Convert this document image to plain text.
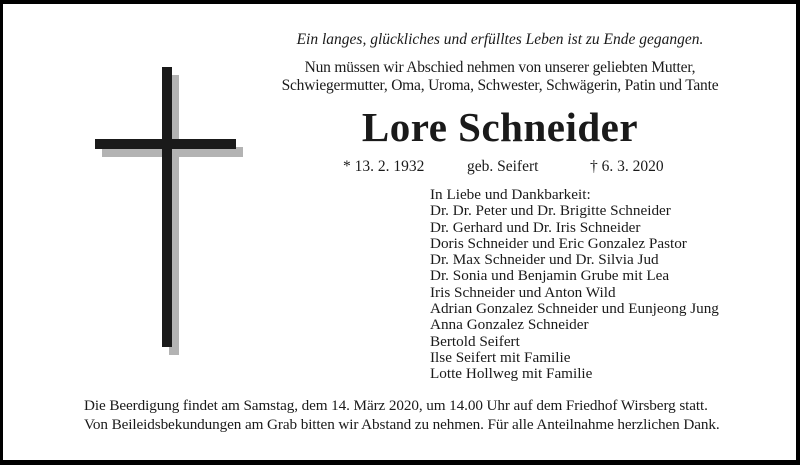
Ein langes, glückliches und erfülltes Leben ist zu Ende gegangen.
Nun müssen wir Abschied nehmen von unserer geliebten Mutter,
Schwiegermutter, Oma, Uroma, Schwester, Schwägerin, Patin und Tante
Lore Schneider
* 13. 2. 1932	geb. Seifert	† 6. 3. 2020
In Liebe und Dankbarkeit:
Dr. Dr. Peter und Dr. Brigitte Schneider
Dr. Gerhard und Dr. Iris Schneider
Doris Schneider und Eric Gonzalez Pastor
Dr. Max Schneider und Dr. Silvia Jud
Dr. Sonia und Benjamin Grube mit Lea
Iris Schneider und Anton Wild
Adrian Gonzalez Schneider und Eunjeong Jung
Anna Gonzalez Schneider
Bertold Seifert
Ilse Seifert mit Familie
Lotte Hollweg mit Familie
Die Beerdigung findet am Samstag, dem 14. März 2020, um 14.00 Uhr auf dem Friedhof Wirsberg statt.
Von Beileidsbekundungen am Grab bitten wir Abstand zu nehmen. Für alle Anteilnahme herzlichen Dank.
